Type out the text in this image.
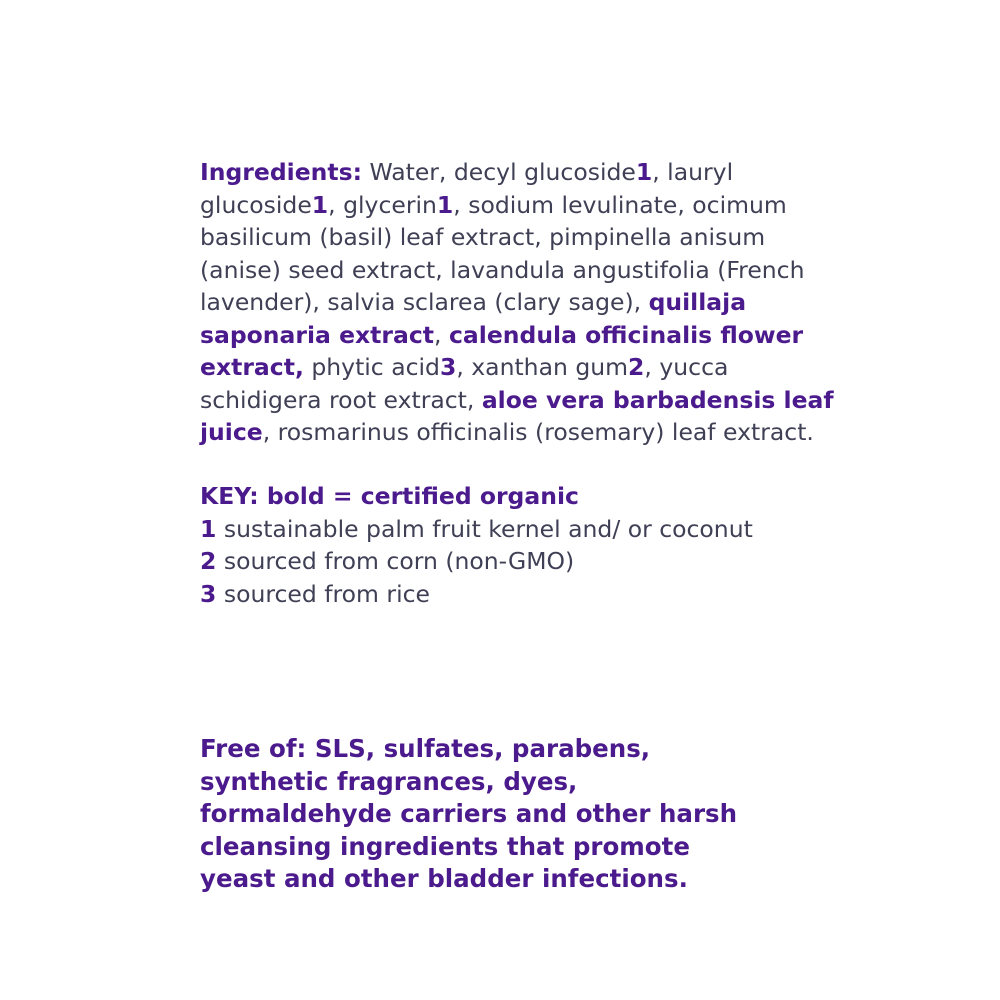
Ingredients: Water, decyl glucoside1, lauryl glucoside1, glycerin1, sodium levulinate, ocimum basilicum (basil) leaf extract, pimpinella anisum (anise) seed extract, lavandula angustifolia (French lavender), salvia sclarea (clary sage), quillaja saponaria extract, calendula officinalis flower extract, phytic acid3, xanthan gum2, yucca schidigera root extract, aloe vera barbadensis leaf juice, rosmarinus officinalis (rosemary) leaf extract.

KEY: bold = certified organic
1 sustainable palm fruit kernel and/ or coconut
2 sourced from corn (non-GMO)
3 sourced from rice

Free of: SLS, sulfates, parabens, synthetic fragrances, dyes, formaldehyde carriers and other harsh cleansing ingredients that promote yeast and other bladder infections.
